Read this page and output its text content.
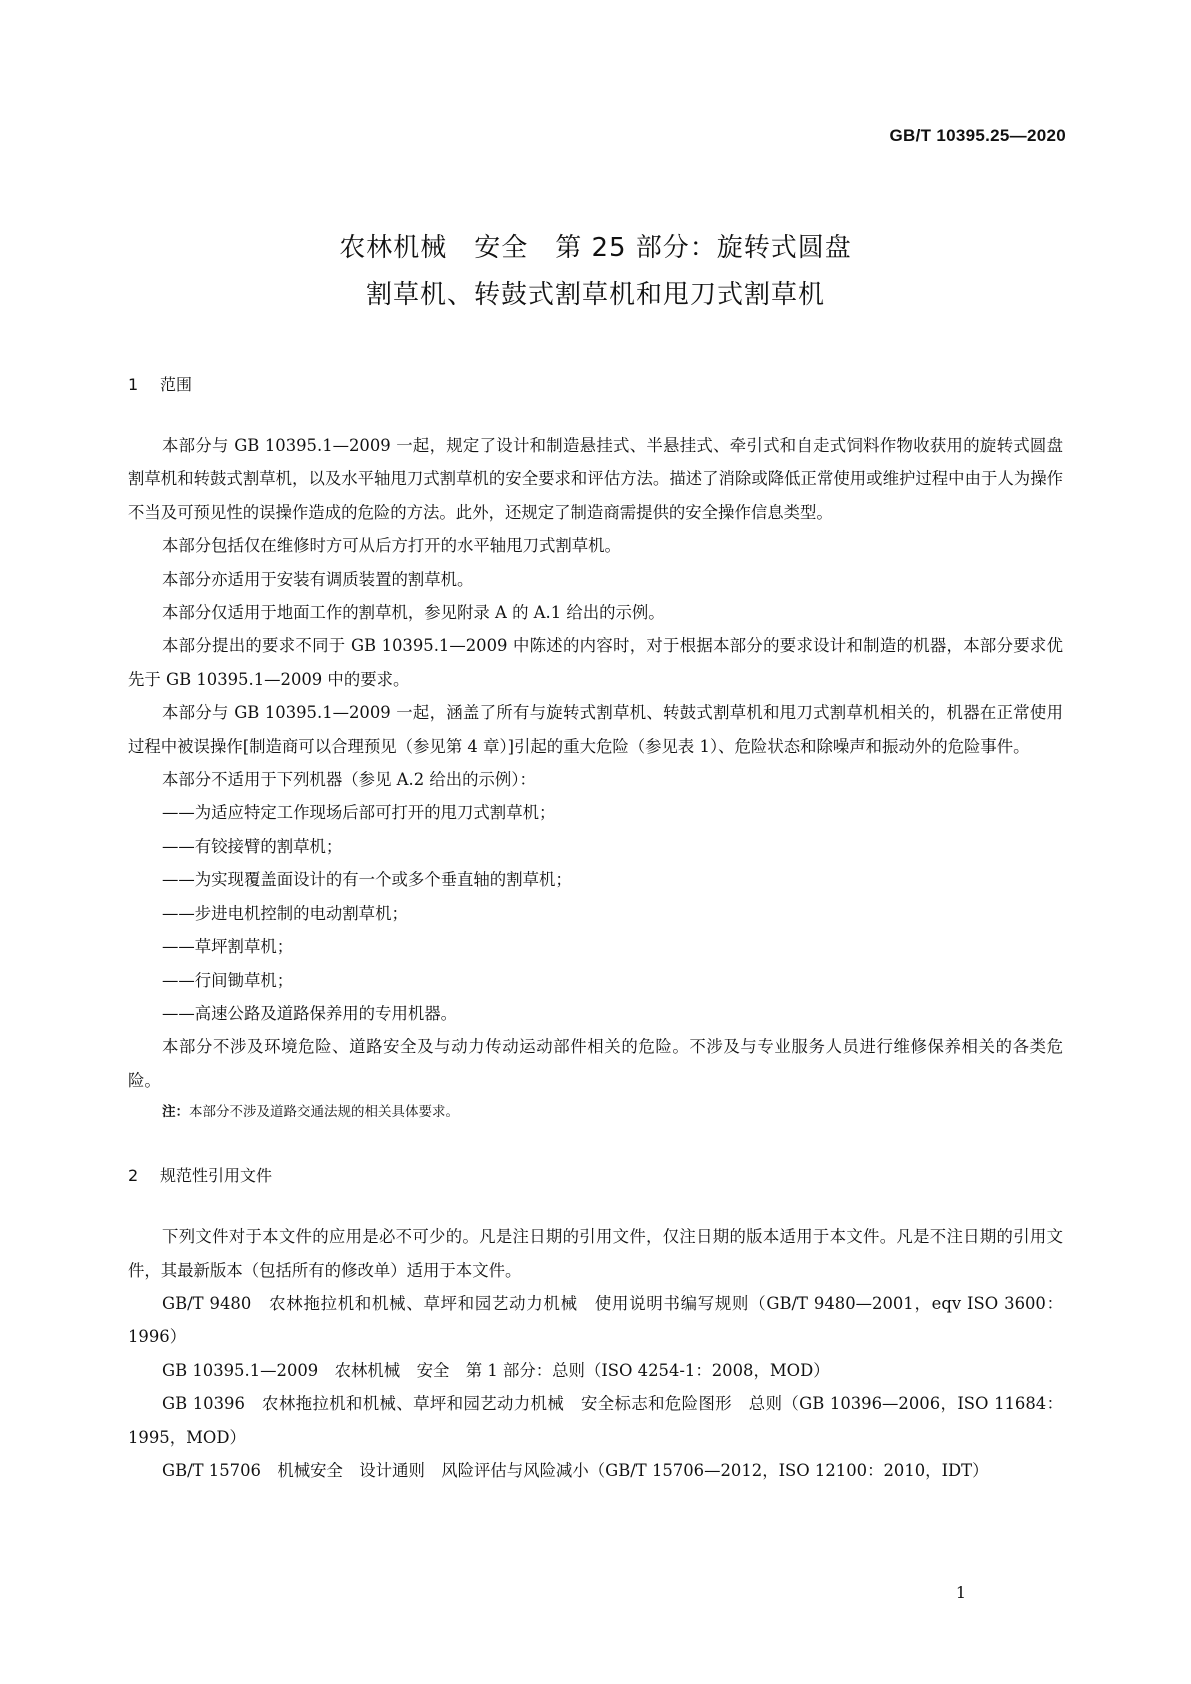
GB/T 10395.25—2020
农林机械　安全　第 25 部分：旋转式圆盘
割草机、转鼓式割草机和甩刀式割草机
1 范围

本部分与 GB 10395.1—2009 一起，规定了设计和制造悬挂式、半悬挂式、牵引式和自走式饲料作物收获用的旋转式圆盘割草机和转鼓式割草机，以及水平轴甩刀式割草机的安全要求和评估方法。描述了消除或降低正常使用或维护过程中由于人为操作不当及可预见性的误操作造成的危险的方法。此外，还规定了制造商需提供的安全操作信息类型。

本部分包括仅在维修时方可从后方打开的水平轴甩刀式割草机。

本部分亦适用于安装有调质装置的割草机。

本部分仅适用于地面工作的割草机，参见附录 A 的 A.1 给出的示例。

本部分提出的要求不同于 GB 10395.1—2009 中陈述的内容时，对于根据本部分的要求设计和制造的机器，本部分要求优先于 GB 10395.1—2009 中的要求。

本部分与 GB 10395.1—2009 一起，涵盖了所有与旋转式割草机、转鼓式割草机和甩刀式割草机相关的，机器在正常使用过程中被误操作[制造商可以合理预见（参见第 4 章）]引起的重大危险（参见表 1）、危险状态和除噪声和振动外的危险事件。

本部分不适用于下列机器（参见 A.2 给出的示例）：

——为适应特定工作现场后部可打开的甩刀式割草机；

——有铰接臂的割草机；

——为实现覆盖面设计的有一个或多个垂直轴的割草机；

——步进电机控制的电动割草机；

——草坪割草机；

——行间锄草机；

——高速公路及道路保养用的专用机器。

本部分不涉及环境危险、道路安全及与动力传动运动部件相关的危险。不涉及与专业服务人员进行维修保养相关的各类危险。

注：本部分不涉及道路交通法规的相关具体要求。

2 规范性引用文件

下列文件对于本文件的应用是必不可少的。凡是注日期的引用文件，仅注日期的版本适用于本文件。凡是不注日期的引用文件，其最新版本（包括所有的修改单）适用于本文件。

GB/T 9480　农林拖拉机和机械、草坪和园艺动力机械　使用说明书编写规则（GB/T 9480—2001，eqv ISO 3600：1996）

GB 10395.1—2009　农林机械　安全　第 1 部分：总则（ISO 4254-1：2008，MOD）

GB 10396　农林拖拉机和机械、草坪和园艺动力机械　安全标志和危险图形　总则（GB 10396—2006，ISO 11684：1995，MOD）

GB/T 15706　机械安全　设计通则　风险评估与风险减小（GB/T 15706—2012，ISO 12100：2010，IDT）

1
